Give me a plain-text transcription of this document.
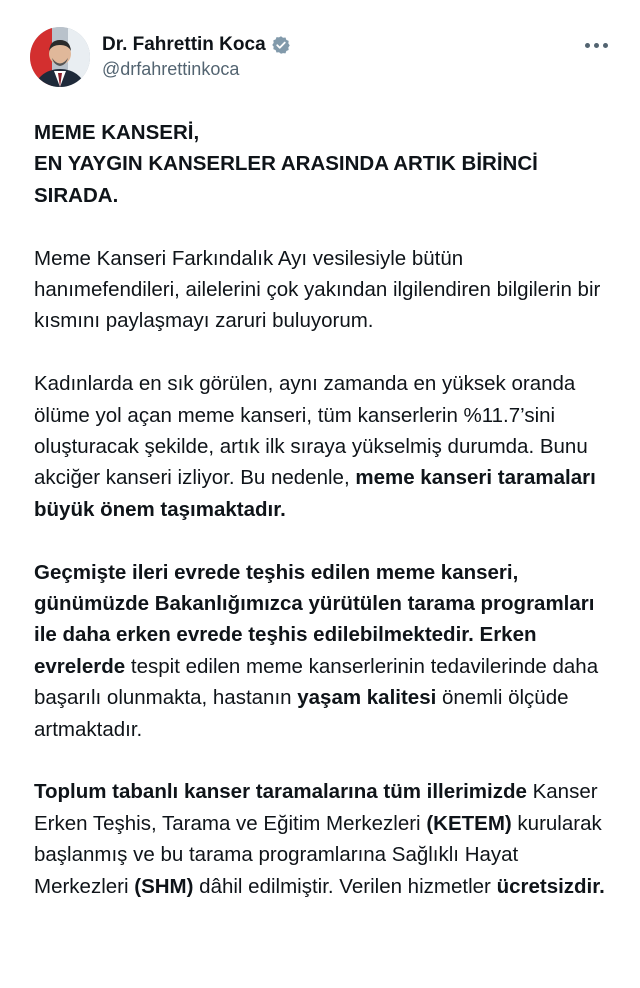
Dr. Fahrettin Koca
@drfahrettinkoca
MEME KANSERİ,
EN YAYGIN KANSERLER ARASINDA ARTIK BİRİNCİ
SIRADA.
Meme Kanseri Farkındalık Ayı vesilesiyle bütün hanımefendileri, ailelerini çok yakından ilgilendiren bilgilerin bir kısmını paylaşmayı zaruri buluyorum.
Kadınlarda en sık görülen, aynı zamanda en yüksek oranda ölüme yol açan meme kanseri, tüm kanserlerin %11.7’sini oluşturacak şekilde, artık ilk sıraya yükselmiş durumda. Bunu akciğer kanseri izliyor. Bu nedenle, meme kanseri taramaları büyük önem taşımaktadır.
Geçmişte ileri evrede teşhis edilen meme kanseri, günümüzde Bakanlığımızca yürütülen tarama programları ile daha erken evrede teşhis edilebilmektedir. Erken evrelerde tespit edilen meme kanserlerinin tedavilerinde daha başarılı olunmakta, hastanın yaşam kalitesi önemli ölçüde artmaktadır.
Toplum tabanlı kanser taramalarına tüm illerimizde Kanser Erken Teşhis, Tarama ve Eğitim Merkezleri (KETEM) kurularak başlanmış ve bu tarama programlarına Sağlıklı Hayat Merkezleri (SHM) dâhil edilmiştir. Verilen hizmetler ücretsizdir.
